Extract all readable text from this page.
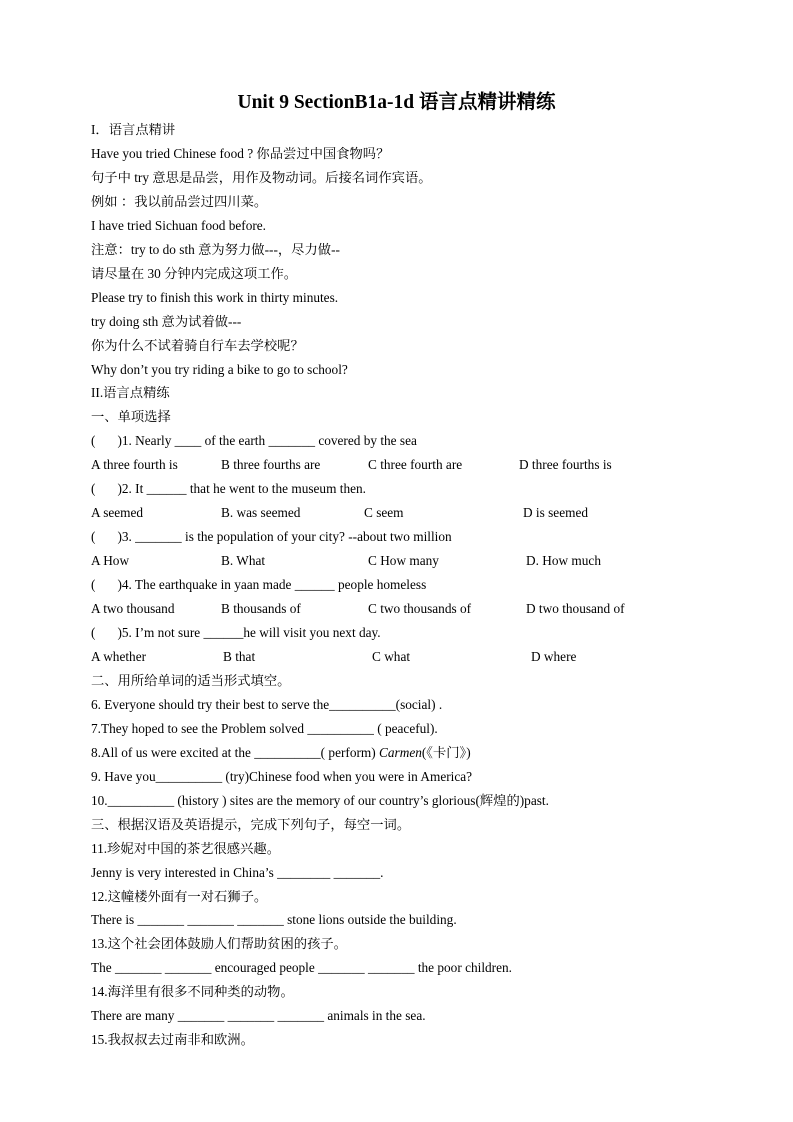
Unit 9 SectionB1a-1d 语言点精讲精练
I．语言点精讲
Have you tried Chinese food ? 你品尝过中国食物吗？
句子中 try 意思是品尝，用作及物动词。后接名词作宾语。
例如 ：我以前品尝过四川菜。
I have tried Sichuan food before.
注意：try to do sth 意为努力做---，尽力做--
请尽量在 30 分钟内完成这项工作。
Please try to finish this work in thirty minutes.
try doing sth 意为试着做---
你为什么不试着骑自行车去学校呢？
Why don’t you try riding a bike to go to school?
II.语言点精练
一、单项选择
( )1. Nearly ____ of the earth _______ covered by the sea
A three fourth is	B three fourths are	C three fourth are	D three fourths is
( )2. It ______ that he went to the museum then.
A seemed	B. was seemed	C seem	D is seemed
( )3. _______ is the population of your city? --about two million
A How	B. What	C How many	D. How much
( )4. The earthquake in yaan made ______ people homeless
A two thousand	B thousands of	C two thousands of	D two thousand of
( )5. I’m not sure ______he will visit you next day.
A whether	B that	C what	D where
二、用所给单词的适当形式填空。
6. Everyone should try their best to serve the__________(social) .
7.They hoped to see the Problem solved __________ ( peaceful).
8.All of us were excited at the __________( perform) Carmen(《卡门》)
9. Have you__________ (try)Chinese food when you were in America?
10.__________ (history ) sites are the memory of our country’s glorious(辉煌的)past.
三、根据汉语及英语提示，完成下列句子，每空一词。
11.珍妮对中国的茶艺很感兴趣。
Jenny is very interested in China’s ________ _______.
12.这幢楼外面有一对石狮子。
There is _______ _______ _______ stone lions outside the building.
13.这个社会团体鼓励人们帮助贫困的孩子。
The _______ _______ encouraged people _______ _______ the poor children.
14.海洋里有很多不同种类的动物。
There are many _______ _______ _______ animals in the sea.
15.我叔叔去过南非和欧洲。
